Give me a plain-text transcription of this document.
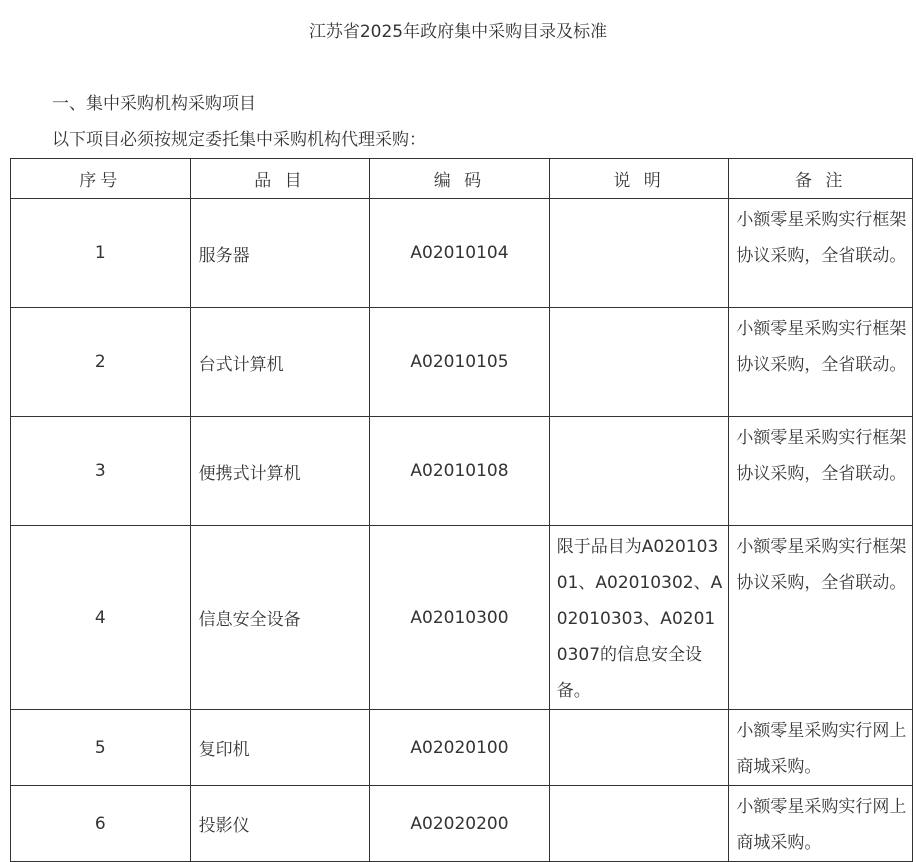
江苏省2025年政府集中采购目录及标准
一、集中采购机构采购项目
以下项目必须按规定委托集中采购机构代理采购：
序号	品 目	编 码	说 明	备 注
1	服务器	A02010104		小额零星采购实行框架协议采购，全省联动。
2	台式计算机	A02010105		小额零星采购实行框架协议采购，全省联动。
3	便携式计算机	A02010108		小额零星采购实行框架协议采购，全省联动。
4	信息安全设备	A02010300	限于品目为A02010301、A02010302、A02010303、A02010307的信息安全设备。	小额零星采购实行框架协议采购，全省联动。
5	复印机	A02020100		小额零星采购实行网上商城采购。
6	投影仪	A02020200		小额零星采购实行网上商城采购。
